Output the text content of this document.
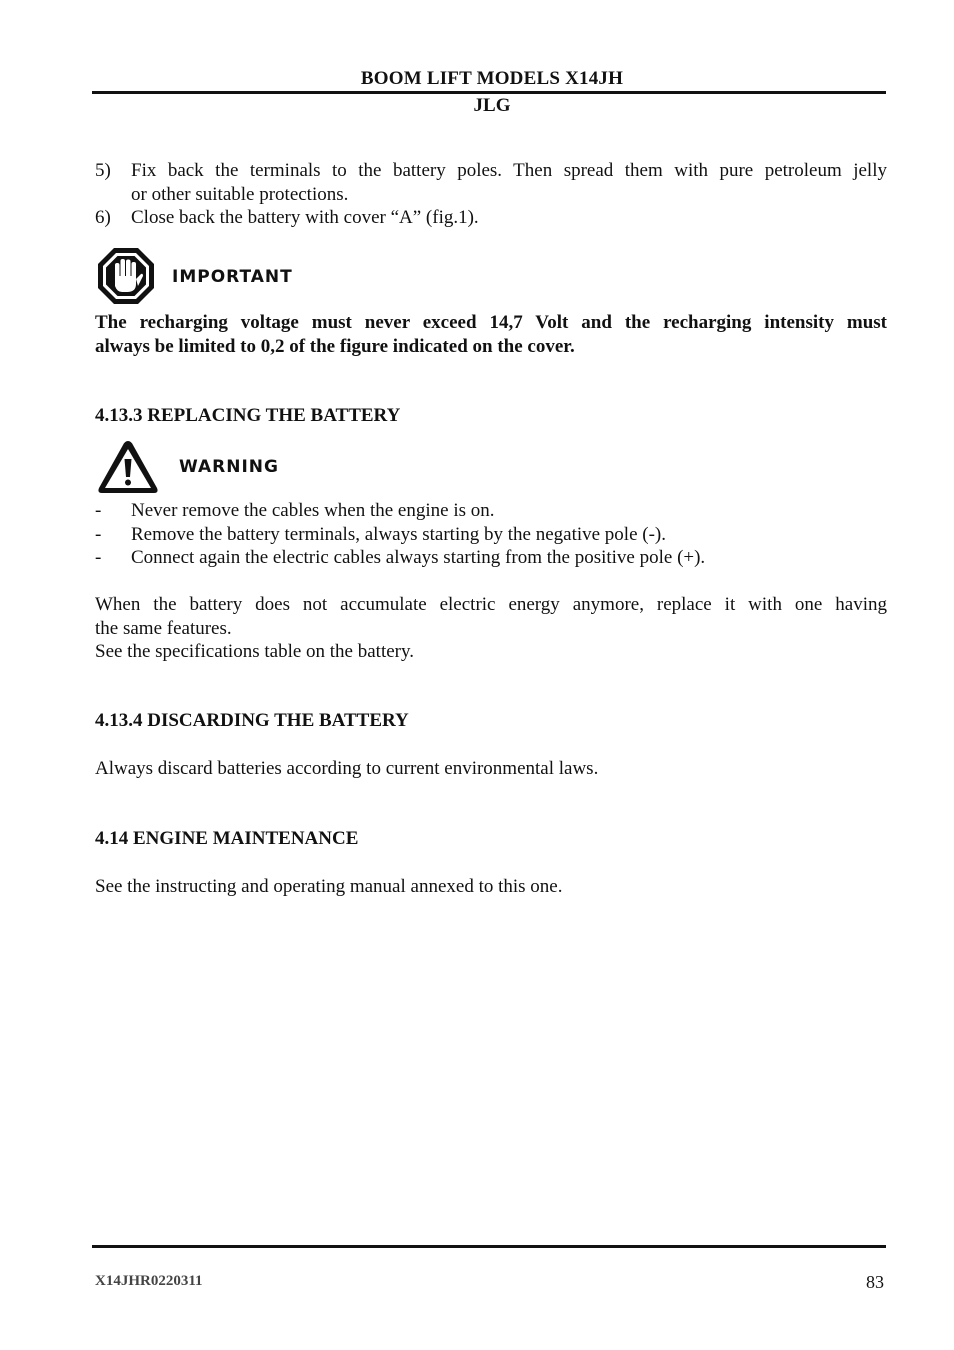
BOOM LIFT MODELS X14JH
JLG
5)	Fix back the terminals to the battery poles. Then spread them with pure petroleum jelly
or other suitable protections.
6)	Close back the battery with cover “A” (fig.1).
IMPORTANT
The recharging voltage must never exceed 14,7 Volt and the recharging intensity must
always be limited to 0,2 of the figure indicated on the cover.
4.13.3 REPLACING THE BATTERY
WARNING
-	Never remove the cables when the engine is on.
-	Remove the battery terminals, always starting by the negative pole (-).
-	Connect again the electric cables always starting from the positive pole (+).
When the battery does not accumulate electric energy anymore, replace it with one having
the same features.
See the specifications table on the battery.
4.13.4 DISCARDING THE BATTERY
Always discard batteries according to current environmental laws.
4.14 ENGINE MAINTENANCE
See the instructing and operating manual annexed to this one.
X14JHR0220311	83
